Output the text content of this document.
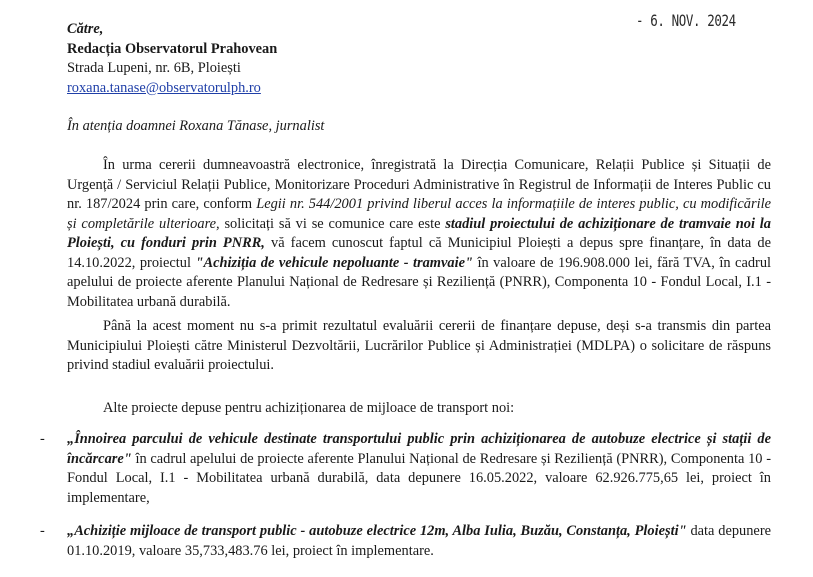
- 6. NOV. 2024
Către,
Redacția Observatorul Prahovean
Strada Lupeni, nr. 6B, Ploiești
roxana.tanase@observatorulph.ro
În atenția doamnei Roxana Tănase, jurnalist
În urma cererii dumneavoastră electronice, înregistrată la Direcția Comunicare, Relații Publice și Situații de Urgență / Serviciul Relații Publice, Monitorizare Proceduri Administrative în Registrul de Informații de Interes Public cu nr. 187/2024 prin care, conform Legii nr. 544/2001 privind liberul acces la informațiile de interes public, cu modificările și completările ulterioare, solicitați să vi se comunice care este stadiul proiectului de achiziționare de tramvaie noi la Ploiești, cu fonduri prin PNRR, vă facem cunoscut faptul că Municipiul Ploiești a depus spre finanțare, în data de 14.10.2022, proiectul "Achiziția de vehicule nepoluante - tramvaie" în valoare de 196.908.000 lei, fără TVA, în cadrul apelului de proiecte aferente Planului Național de Redresare și Reziliență (PNRR), Componenta 10 - Fondul Local, I.1 - Mobilitatea urbană durabilă.
Până la acest moment nu s-a primit rezultatul evaluării cererii de finanțare depuse, deși s-a transmis din partea Municipiului Ploiești către Ministerul Dezvoltării, Lucrărilor Publice și Administrației (MDLPA) o solicitare de răspuns privind stadiul evaluării proiectului.
Alte proiecte depuse pentru achiziționarea de mijloace de transport noi:
- „Înnoirea parcului de vehicule destinate transportului public prin achiziționarea de autobuze electrice și stații de încărcare" în cadrul apelului de proiecte aferente Planului Național de Redresare și Reziliență (PNRR), Componenta 10 - Fondul Local, I.1 - Mobilitatea urbană durabilă, data depunere 16.05.2022, valoare 62.926.775,65 lei, proiect în implementare,
- „Achiziție mijloace de transport public - autobuze electrice 12m, Alba Iulia, Buzău, Constanța, Ploiești" data depunere 01.10.2019, valoare 35,733,483.76 lei, proiect în implementare.
